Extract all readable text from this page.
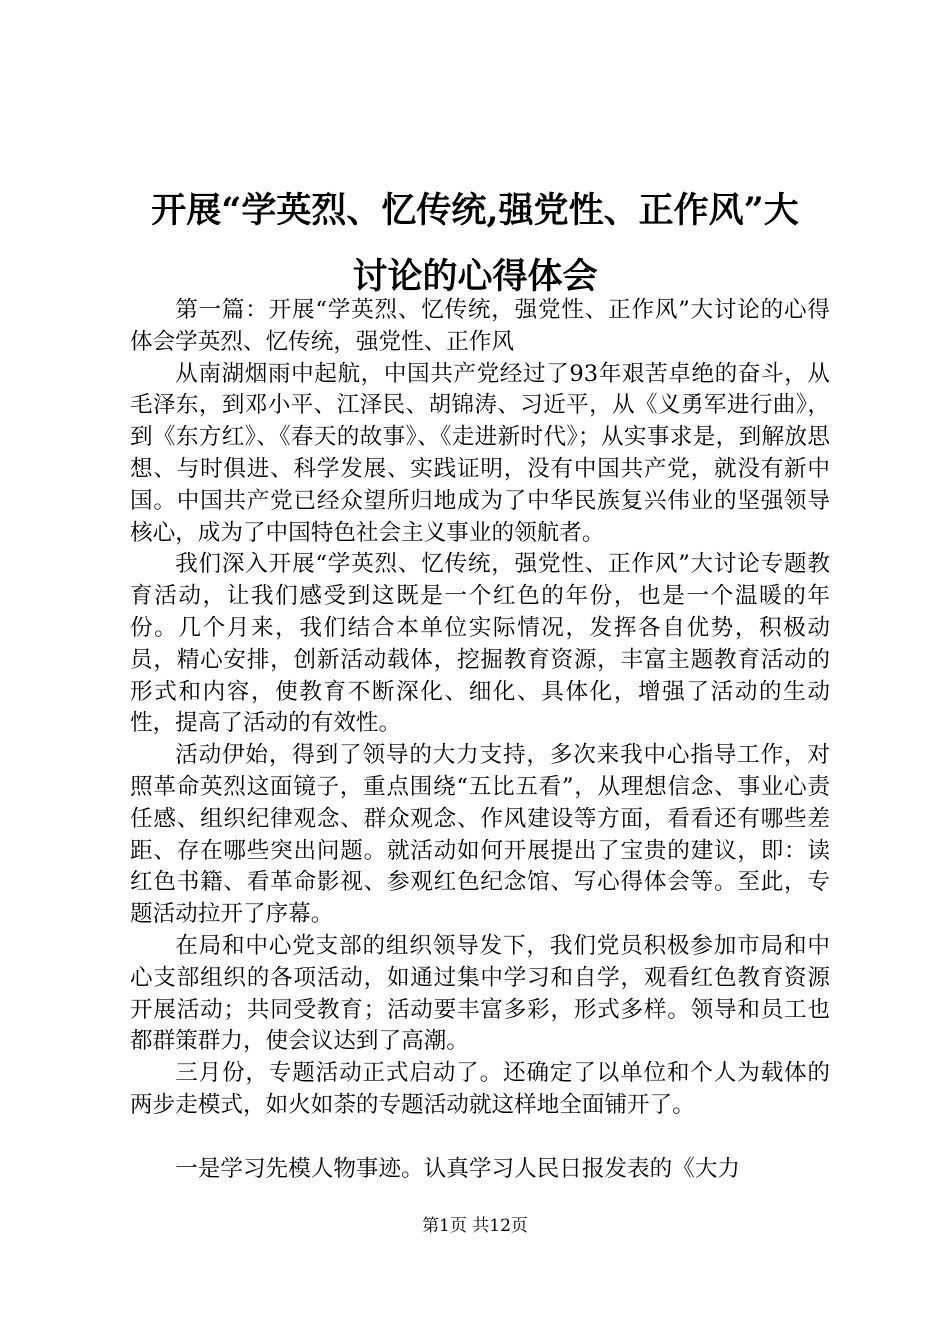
开展“学英烈、忆传统,强党性、正作风”大
讨论的心得体会

第一篇：开展“学英烈、忆传统，强党性、正作风”大讨论的心得体会学英烈、忆传统，强党性、正作风

从南湖烟雨中起航，中国共产党经过了93年艰苦卓绝的奋斗，从毛泽东，到邓小平、江泽民、胡锦涛、习近平，从《义勇军进行曲》，到《东方红》、《春天的故事》、《走进新时代》；从实事求是，到解放思想、与时俱进、科学发展、实践证明，没有中国共产党，就没有新中国。中国共产党已经众望所归地成为了中华民族复兴伟业的坚强领导核心，成为了中国特色社会主义事业的领航者。

我们深入开展“学英烈、忆传统，强党性、正作风”大讨论专题教育活动，让我们感受到这既是一个红色的年份，也是一个温暖的年份。几个月来，我们结合本单位实际情况，发挥各自优势，积极动员，精心安排，创新活动载体，挖掘教育资源，丰富主题教育活动的形式和内容，使教育不断深化、细化、具体化，增强了活动的生动性，提高了活动的有效性。

活动伊始，得到了领导的大力支持，多次来我中心指导工作，对照革命英烈这面镜子，重点围绕“五比五看”，从理想信念、事业心责任感、组织纪律观念、群众观念、作风建设等方面，看看还有哪些差距、存在哪些突出问题。就活动如何开展提出了宝贵的建议，即：读红色书籍、看革命影视、参观红色纪念馆、写心得体会等。至此，专题活动拉开了序幕。

在局和中心党支部的组织领导发下，我们党员积极参加市局和中心支部组织的各项活动，如通过集中学习和自学，观看红色教育资源开展活动；共同受教育；活动要丰富多彩，形式多样。领导和员工也都群策群力，使会议达到了高潮。

三月份，专题活动正式启动了。还确定了以单位和个人为载体的两步走模式，如火如荼的专题活动就这样地全面铺开了。

一是学习先模人物事迹。认真学习人民日报发表的《大力

第1页 共12页
